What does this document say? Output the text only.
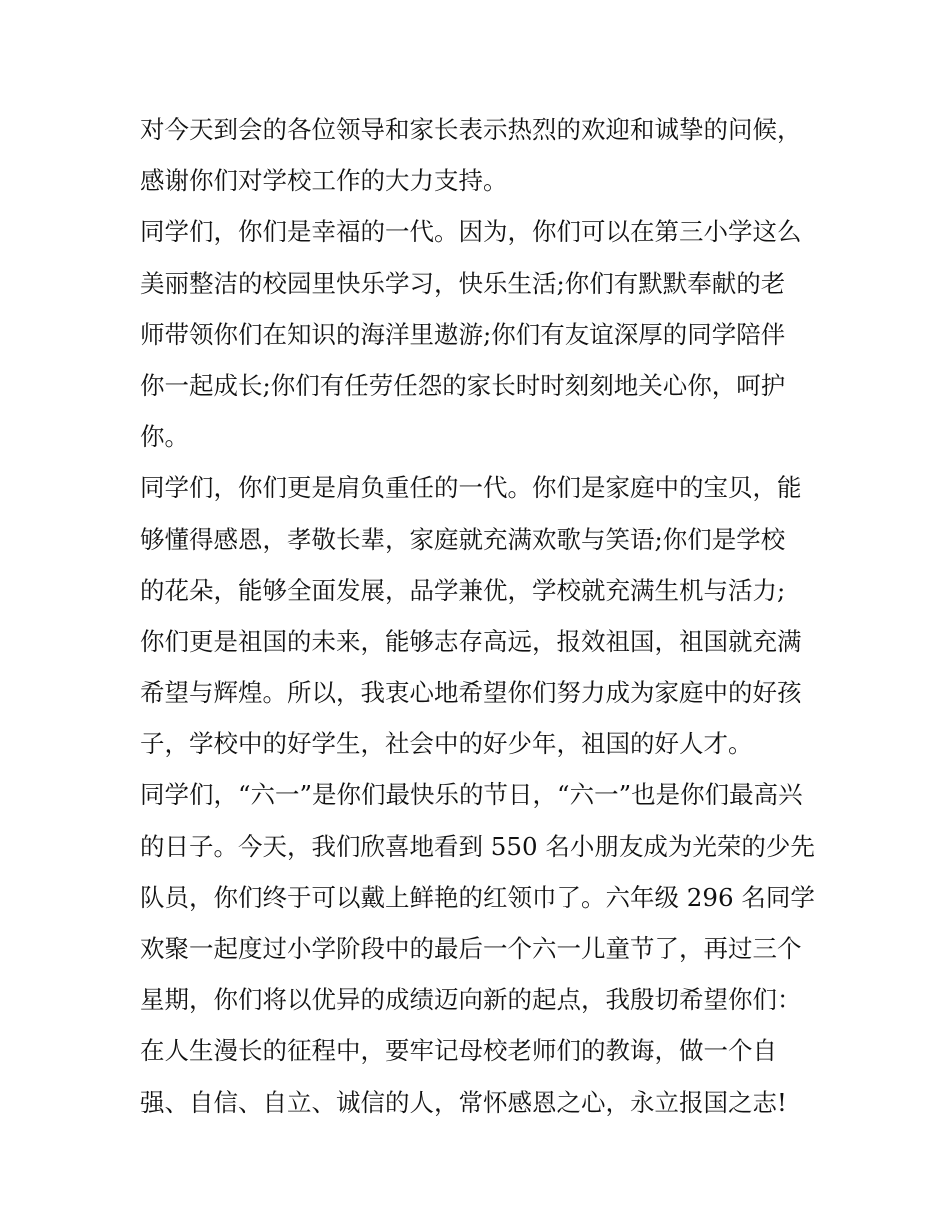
对今天到会的各位领导和家长表示热烈的欢迎和诚挚的问候，
感谢你们对学校工作的大力支持。
同学们，你们是幸福的一代。因为，你们可以在第三小学这么
美丽整洁的校园里快乐学习，快乐生活;你们有默默奉献的老
师带领你们在知识的海洋里遨游;你们有友谊深厚的同学陪伴
你一起成长;你们有任劳任怨的家长时时刻刻地关心你，呵护
你。
同学们，你们更是肩负重任的一代。你们是家庭中的宝贝，能
够懂得感恩，孝敬长辈，家庭就充满欢歌与笑语;你们是学校
的花朵，能够全面发展，品学兼优，学校就充满生机与活力;
你们更是祖国的未来，能够志存高远，报效祖国，祖国就充满
希望与辉煌。所以，我衷心地希望你们努力成为家庭中的好孩
子，学校中的好学生，社会中的好少年，祖国的好人才。
同学们，“六一”是你们最快乐的节日，“六一”也是你们最高兴
的日子。今天，我们欣喜地看到 550 名小朋友成为光荣的少先
队员，你们终于可以戴上鲜艳的红领巾了。六年级 296 名同学
欢聚一起度过小学阶段中的最后一个六一儿童节了，再过三个
星期，你们将以优异的成绩迈向新的起点，我殷切希望你们：
在人生漫长的征程中，要牢记母校老师们的教诲，做一个自
强、自信、自立、诚信的人，常怀感恩之心，永立报国之志!
